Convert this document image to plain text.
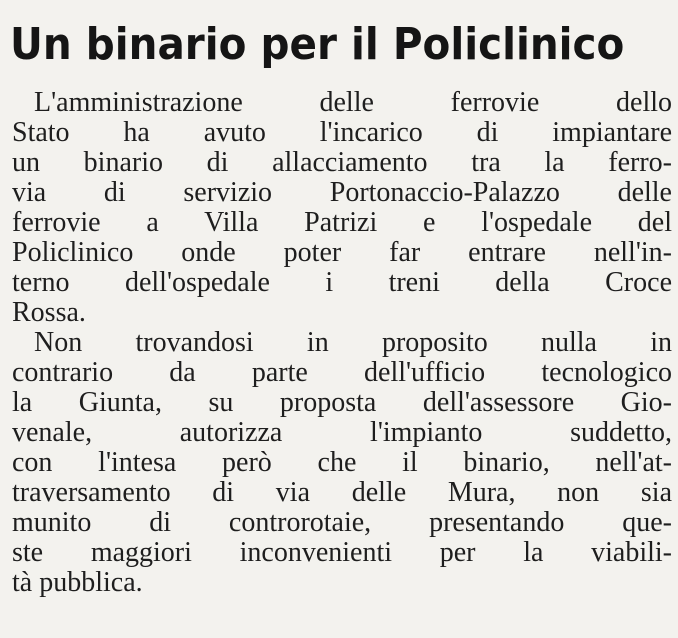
Un binario per il Policlinico
L'amministrazione delle ferrovie dello
Stato ha avuto l'incarico di impiantare
un binario di allacciamento tra la ferro-
via di servizio Portonaccio-Palazzo delle
ferrovie a Villa Patrizi e l'ospedale del
Policlinico onde poter far entrare nell'in-
terno dell'ospedale i treni della Croce
Rossa.
Non trovandosi in proposito nulla in
contrario da parte dell'ufficio tecnologico
la Giunta, su proposta dell'assessore Gio-
venale, autorizza l'impianto suddetto,
con l'intesa però che il binario, nell'at-
traversamento di via delle Mura, non sia
munito di controrotaie, presentando que-
ste maggiori inconvenienti per la viabili-
tà pubblica.
